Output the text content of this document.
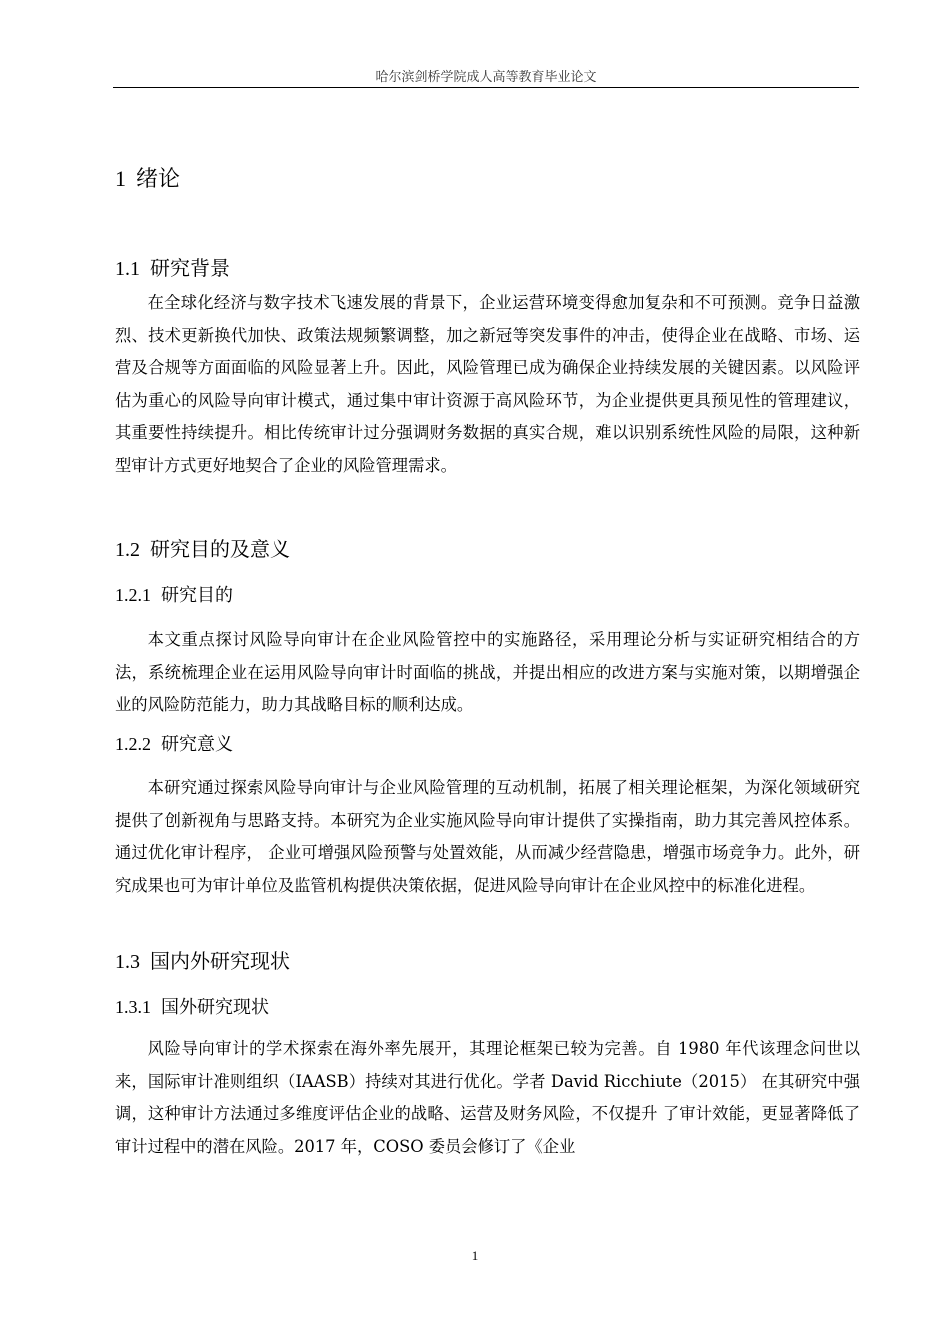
哈尔滨剑桥学院成人高等教育毕业论文
1 绪论
1.1 研究背景

在全球化经济与数字技术飞速发展的背景下，企业运营环境变得愈加复杂和不可预测。竞争日益激烈、技术更新换代加快、政策法规频繁调整，加之新冠等突发事件的冲击，使得企业在战略、市场、运营及合规等方面面临的风险显著上升。因此，风险管理已成为确保企业持续发展的关键因素。以风险评估为重心的风险导向审计模式，通过集中审计资源于高风险环节，为企业提供更具预见性的管理建议，其重要性持续提升。相比传统审计过分强调财务数据的真实合规，难以识别系统性风险的局限，这种新型审计方式更好地契合了企业的风险管理需求。

1.2 研究目的及意义
1.2.1 研究目的

本文重点探讨风险导向审计在企业风险管控中的实施路径，采用理论分析与实证研究相结合的方法，系统梳理企业在运用风险导向审计时面临的挑战，并提出相应的改进方案与实施对策，以期增强企业的风险防范能力，助力其战略目标的顺利达成。

1.2.2 研究意义

本研究通过探索风险导向审计与企业风险管理的互动机制，拓展了相关理论框架，为深化领域研究提供了创新视角与思路支持。本研究为企业实施风险导向审计提供了实操指南，助力其完善风控体系。通过优化审计程序， 企业可增强风险预警与处置效能，从而减少经营隐患，增强市场竞争力。此外，研究成果也可为审计单位及监管机构提供决策依据，促进风险导向审计在企业风控中的标准化进程。

1.3 国内外研究现状
1.3.1 国外研究现状

风险导向审计的学术探索在海外率先展开，其理论框架已较为完善。自 1980 年代该理念问世以来，国际审计准则组织（IAASB）持续对其进行优化。学者 David Ricchiute（2015） 在其研究中强调，这种审计方法通过多维度评估企业的战略、运营及财务风险，不仅提升 了审计效能，更显著降低了审计过程中的潜在风险。2017 年，COSO 委员会修订了《企业

1
